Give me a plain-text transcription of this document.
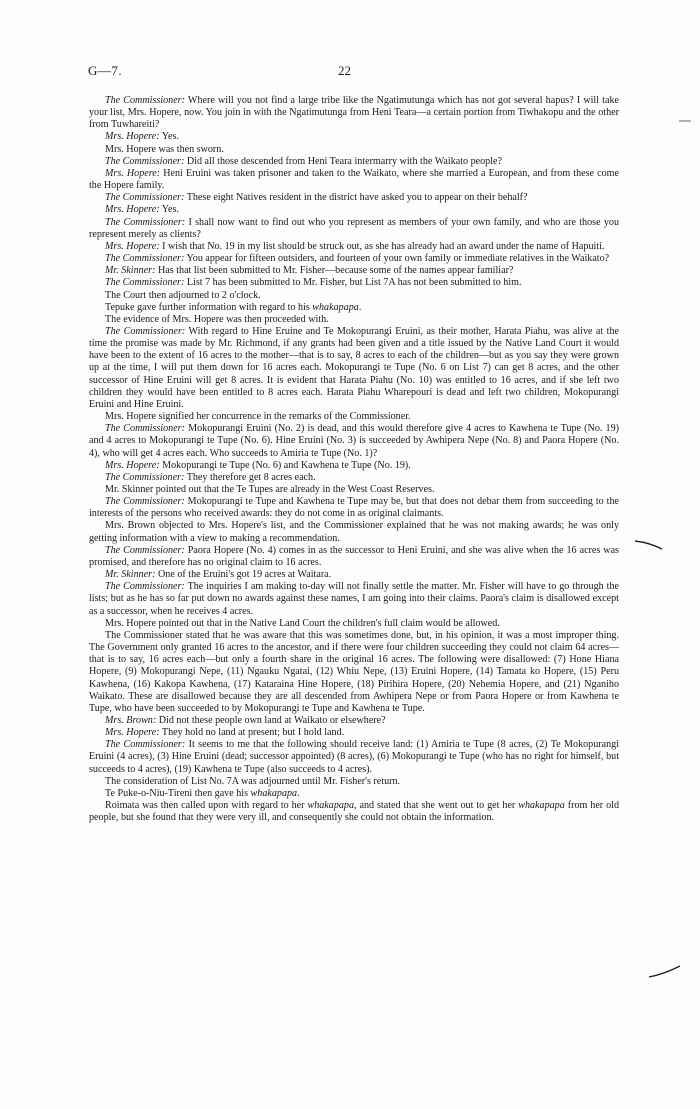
G—7.	22

The Commissioner: Where will you not find a large tribe like the Ngatimutunga which has not got several hapus? I will take your list, Mrs. Hopere, now. You join in with the Ngatimutunga from Heni Teara—a certain portion from Tiwhakopu and the other from Tuwhareiti?

Mrs. Hopere: Yes.

Mrs. Hopere was then sworn.

The Commissioner: Did all those descended from Heni Teara intermarry with the Waikato people?

Mrs. Hopere: Heni Eruini was taken prisoner and taken to the Waikato, where she married a European, and from these come the Hopere family.

The Commissioner: These eight Natives resident in the district have asked you to appear on their behalf?

Mrs. Hopere: Yes.

The Commissioner: I shall now want to find out who you represent as members of your own family, and who are those you represent merely as clients?

Mrs. Hopere: I wish that No. 19 in my list should be struck out, as she has already had an award under the name of Hapuiti.

The Commissioner: You appear for fifteen outsiders, and fourteen of your own family or immediate relatives in the Waikato?

Mr. Skinner: Has that list been submitted to Mr. Fisher—because some of the names appear familiar?

The Commissioner: List 7 has been submitted to Mr. Fisher, but List 7A has not been submitted to him.

The Court then adjourned to 2 o'clock.

Tepuke gave further information with regard to his whakapapa.

The evidence of Mrs. Hopere was then proceeded with.

The Commissioner: With regard to Hine Eruine and Te Mokopurangi Eruini, as their mother, Harata Piahu, was alive at the time the promise was made by Mr. Richmond, if any grants had been given and a title issued by the Native Land Court it would have been to the extent of 16 acres to the mother—that is to say, 8 acres to each of the children—but as you say they were grown up at the time, I will put them down for 16 acres each. Mokopurangi te Tupe (No. 6 on List 7) can get 8 acres, and the other successor of Hine Eruini will get 8 acres. It is evident that Harata Piahu (No. 10) was entitled to 16 acres, and if she left two children they would have been entitled to 8 acres each. Harata Piahu Wharepouri is dead and left two children, Mokopurangi Eruini and Hine Eruini.

Mrs. Hopere signified her concurrence in the remarks of the Commissioner.

The Commissioner: Mokopurangi Eruini (No. 2) is dead, and this would therefore give 4 acres to Kawhena te Tupe (No. 19) and 4 acres to Mokopurangi te Tupe (No. 6). Hine Eruini (No. 3) is succeeded by Awhipera Nepe (No. 8) and Paora Hopere (No. 4), who will get 4 acres each. Who succeeds to Amiria te Tupe (No. 1)?

Mrs. Hopere: Mokopurangi te Tupe (No. 6) and Kawhena te Tupe (No. 19).

The Commissioner: They therefore get 8 acres each.

Mr. Skinner pointed out that the Te Tupes are already in the West Coast Reserves.

The Commissioner: Mokopurangi te Tupe and Kawhena te Tupe may be, but that does not debar them from succeeding to the interests of the persons who received awards: they do not come in as original claimants.

Mrs. Brown objected to Mrs. Hopere's list, and the Commissioner explained that he was not making awards; he was only getting information with a view to making a recommendation.

The Commissioner: Paora Hopere (No. 4) comes in as the successor to Heni Eruini, and she was alive when the 16 acres was promised, and therefore has no original claim to 16 acres.

Mr. Skinner: One of the Eruini's got 19 acres at Waitara.

The Commissioner: The inquiries I am making to-day will not finally settle the matter. Mr. Fisher will have to go through the lists; but as he has so far put down no awards against these names, I am going into their claims. Paora's claim is disallowed except as a successor, when he receives 4 acres.

Mrs. Hopere pointed out that in the Native Land Court the children's full claim would be allowed.

The Commissioner stated that he was aware that this was sometimes done, but, in his opinion, it was a most improper thing. The Government only granted 16 acres to the ancestor, and if there were four children succeeding they could not claim 64 acres—that is to say, 16 acres each—but only a fourth share in the original 16 acres. The following were disallowed: (7) Hone Hiana Hopere, (9) Mokopurangi Nepe, (11) Ngauku Ngatai, (12) Whiu Nepe, (13) Eruini Hopere, (14) Tamata ko Hopere, (15) Peru Kawhena, (16) Kakopa Kawhena, (17) Kataraina Hine Hopere, (18) Pirihira Hopere, (20) Nehemia Hopere, and (21) Nganiho Waikato. These are disallowed because they are all descended from Awhipera Nepe or from Paora Hopere or from Kawhena te Tupe, who have been succeeded to by Mokopurangi te Tupe and Kawhena te Tupe.

Mrs. Brown: Did not these people own land at Waikato or elsewhere?

Mrs. Hopere: They hold no land at present; but I hold land.

The Commissioner: It seems to me that the following should receive land: (1) Amiria te Tupe (8 acres, (2) Te Mokopurangi Eruini (4 acres), (3) Hine Eruini (dead; successor appointed) (8 acres), (6) Mokopurangi te Tupe (who has no right for himself, but succeeds to 4 acres), (19) Kawhena te Tupe (also succeeds to 4 acres).

The consideration of List No. 7A was adjourned until Mr. Fisher's return.

Te Puke-o-Niu-Tireni then gave his whakapapa.

Roimata was then called upon with regard to her whakapapa, and stated that she went out to get her whakapapa from her old people, but she found that they were very ill, and consequently she could not obtain the information.
